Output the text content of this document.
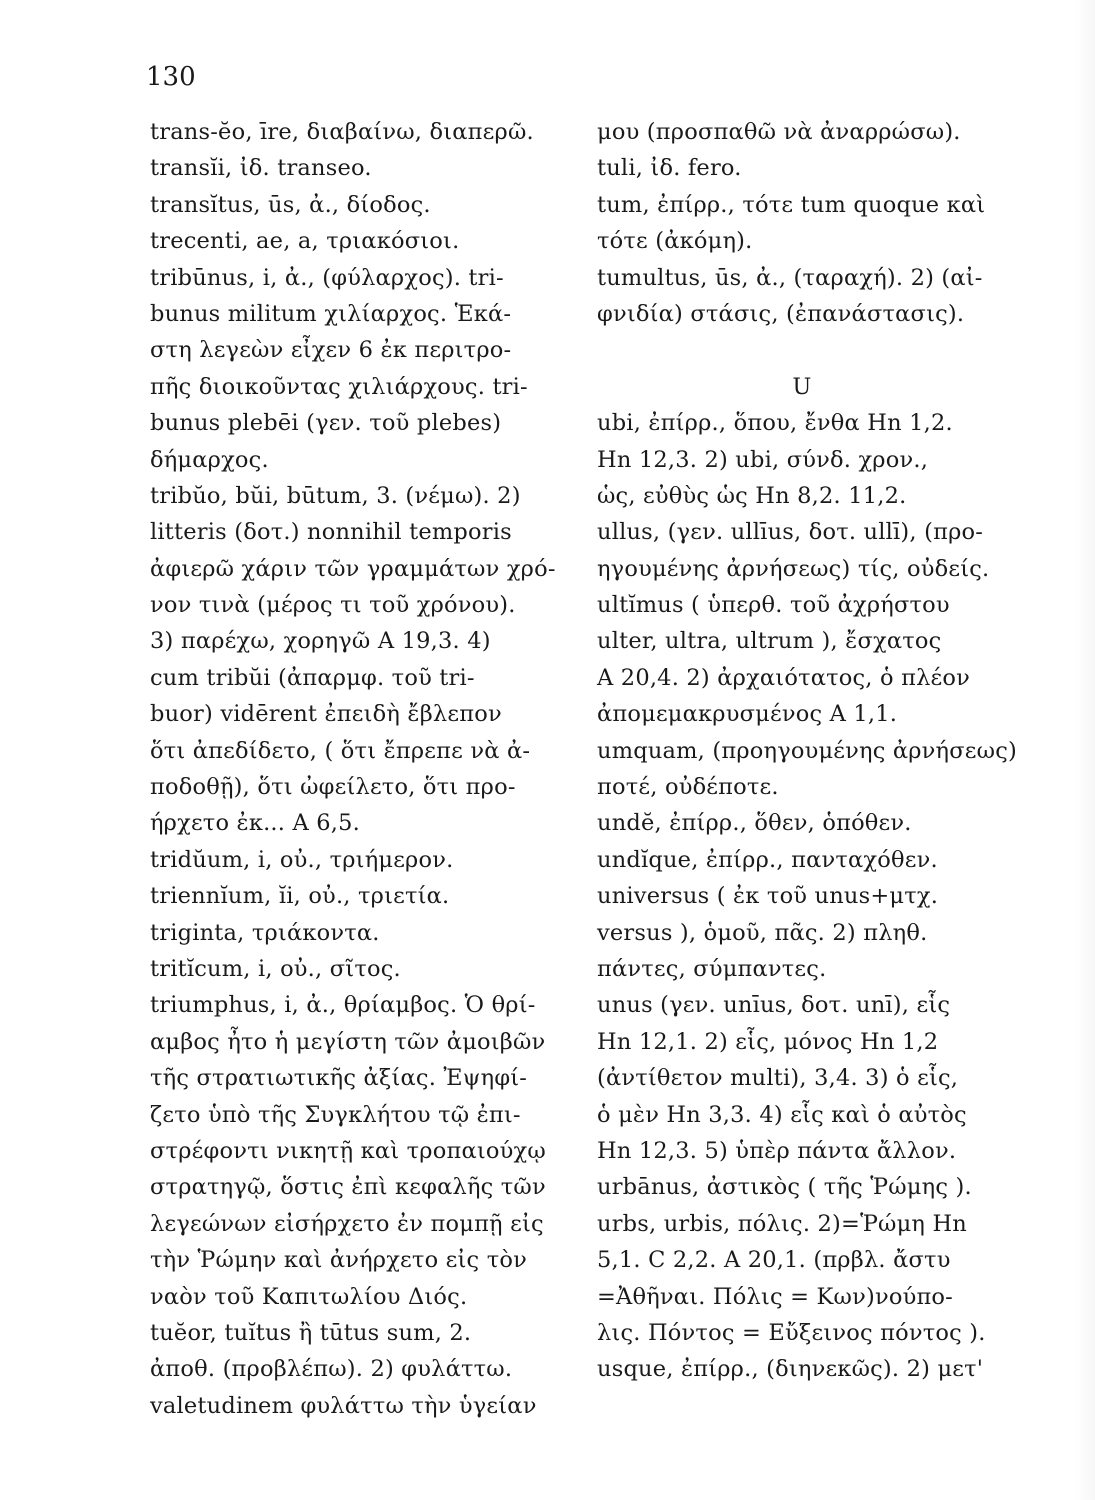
130
trans-ĕo, īre, διαβαίνω, διαπερῶ.
transĭi, ἰδ. transeo.
transĭtus, ūs, ἀ., δίοδος.
trecenti, ae, a, τριακόσιοι.
tribūnus, i, ἀ., (φύλαρχος). tri-
bunus militum χιλίαρχος. Ἑκά-
στη λεγεὼν εἶχεν 6 ἐκ περιτρο-
πῆς διοικοῦντας χιλιάρχους. tri-
bunus plebēi (γεν. τοῦ plebes)
δήμαρχος.
tribŭo, bŭi, būtum, 3. (νέμω). 2)
litteris (δοτ.) nonnihil temporis
ἀφιερῶ χάριν τῶν γραμμάτων χρό-
νον τινὰ (μέρος τι τοῦ χρόνου).
3) παρέχω, χορηγῶ Α 19,3. 4)
cum tribŭi (ἀπαρμφ. τοῦ tri-
buor) vidērent ἐπειδὴ ἔβλεπον
ὅτι ἀπεδίδετο, ( ὅτι ἔπρεπε νὰ ἀ-
ποδοθῇ), ὅτι ὠφείλετο, ὅτι προ-
ήρχετο ἐκ... Α 6,5.
tridŭum, i, οὐ., τριήμερον.
triennĭum, ĭi, οὐ., τριετία.
triginta, τριάκοντα.
tritĭcum, i, οὐ., σῖτος.
triumphus, i, ἀ., θρίαμβος. Ὁ θρί-
αμβος ἦτο ἡ μεγίστη τῶν ἀμοιβῶν
τῆς στρατιωτικῆς ἀξίας. Ἐψηφί-
ζετο ὑπὸ τῆς Συγκλήτου τῷ ἐπι-
στρέφοντι νικητῇ καὶ τροπαιούχῳ
στρατηγῷ, ὅστις ἐπὶ κεφαλῆς τῶν
λεγεώνων εἰσήρχετο ἐν πομπῇ εἰς
τὴν Ῥώμην καὶ ἀνήρχετο εἰς τὸν
ναὸν τοῦ Καπιτωλίου Διός.
tuĕor, tuĭtus ἢ tūtus sum, 2.
ἀποθ. (προβλέπω). 2) φυλάττω.
valetudinem φυλάττω τὴν ὑγείαν
μου (προσπαθῶ νὰ ἀναρρώσω).
tuli, ἰδ. fero.
tum, ἐπίρρ., τότε tum quoque καὶ
τότε (ἀκόμη).
tumultus, ūs, ἀ., (ταραχή). 2) (αἰ-
φνιδία) στάσις, (ἐπανάστασις).
U
ubi, ἐπίρρ., ὅπου, ἔνθα Hn 1,2.
Hn 12,3. 2) ubi, σύνδ. χρον.,
ὡς, εὐθὺς ὡς Hn 8,2. 11,2.
ullus, (γεν. ullīus, δοτ. ullī), (προ-
ηγουμένης ἀρνήσεως) τίς, οὐδείς.
ultĭmus ( ὑπερθ. τοῦ ἀχρήστου
ulter, ultra, ultrum ), ἔσχατος
Α 20,4. 2) ἀρχαιότατος, ὁ πλέον
ἀπομεμακρυσμένος Α 1,1.
umquam, (προηγουμένης ἀρνήσεως)
ποτέ, οὐδέποτε.
undĕ, ἐπίρρ., ὅθεν, ὁπόθεν.
undĭque, ἐπίρρ., πανταχόθεν.
universus ( ἐκ τοῦ unus+μτχ.
versus ), ὁμοῦ, πᾶς. 2) πληθ.
πάντες, σύμπαντες.
unus (γεν. unīus, δοτ. unī), εἷς
Hn 12,1. 2) εἷς, μόνος Hn 1,2
(ἀντίθετον multi), 3,4. 3) ὁ εἷς,
ὁ μὲν Hn 3,3. 4) εἷς καὶ ὁ αὐτὸς
Hn 12,3. 5) ὑπὲρ πάντα ἄλλον.
urbānus, ἀστικὸς ( τῆς Ῥώμης ).
urbs, urbis, πόλις. 2)=Ῥώμη Hn
5,1. C 2,2. Α 20,1. (πρβλ. ἄστυ
=Ἀθῆναι. Πόλις = Κων)νούπο-
λις. Πόντος = Εὔξεινος πόντος ).
usque, ἐπίρρ., (διηνεκῶς). 2) μετ'
